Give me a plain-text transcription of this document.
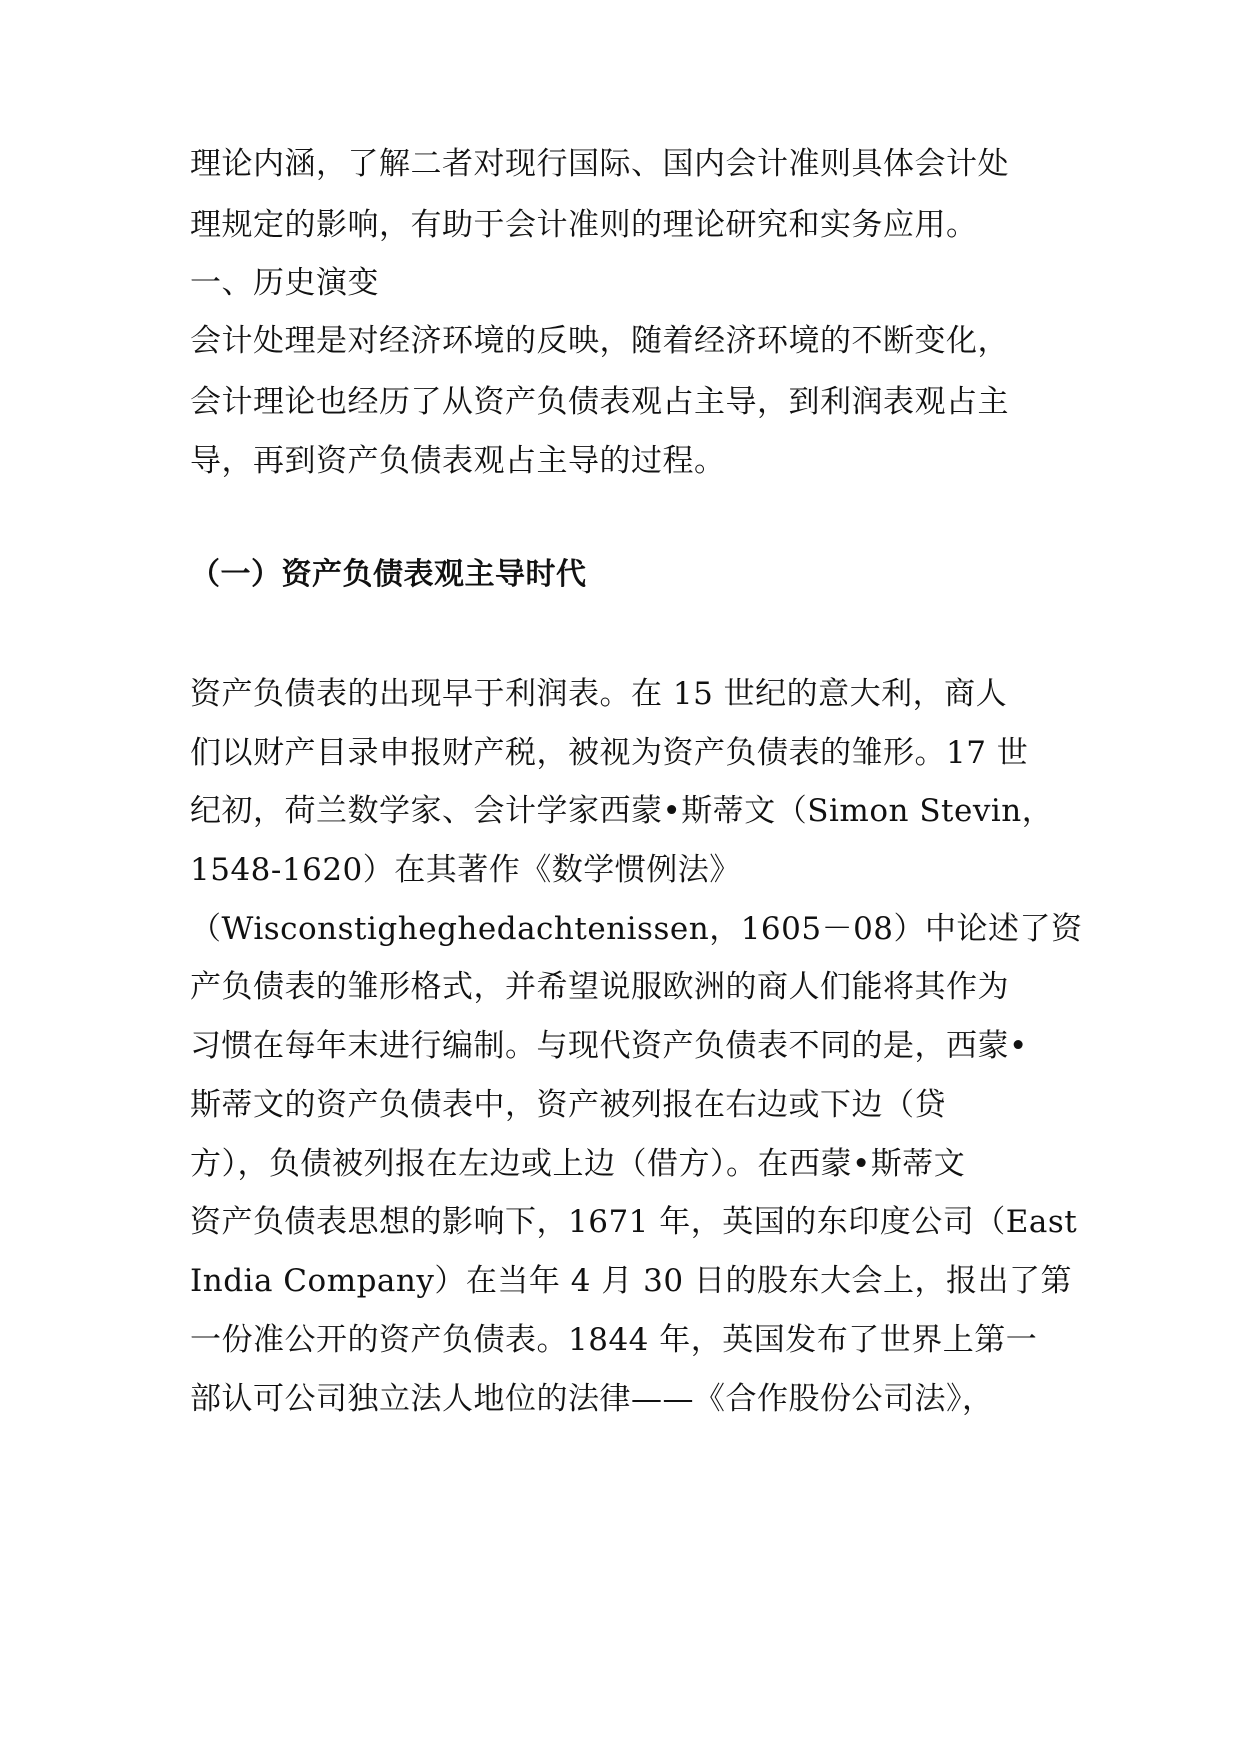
理论内涵，了解二者对现行国际、国内会计准则具体会计处
理规定的影响，有助于会计准则的理论研究和实务应用。
一、历史演变
会计处理是对经济环境的反映，随着经济环境的不断变化，
会计理论也经历了从资产负债表观占主导，到利润表观占主
导，再到资产负债表观占主导的过程。
（一）资产负债表观主导时代
资产负债表的出现早于利润表。在 15 世纪的意大利，商人
们以财产目录申报财产税，被视为资产负债表的雏形。17 世
纪初，荷兰数学家、会计学家西蒙•斯蒂文（Simon Stevin，
1548-1620）在其著作《数学惯例法》
（Wisconstigheghedachtenissen，1605－08）中论述了资
产负债表的雏形格式，并希望说服欧洲的商人们能将其作为
习惯在每年末进行编制。与现代资产负债表不同的是，西蒙•
斯蒂文的资产负债表中，资产被列报在右边或下边（贷
方），负债被列报在左边或上边（借方）。在西蒙•斯蒂文
资产负债表思想的影响下，1671 年，英国的东印度公司（East
India Company）在当年 4 月 30 日的股东大会上，报出了第
一份准公开的资产负债表。1844 年，英国发布了世界上第一
部认可公司独立法人地位的法律——《合作股份公司法》，
